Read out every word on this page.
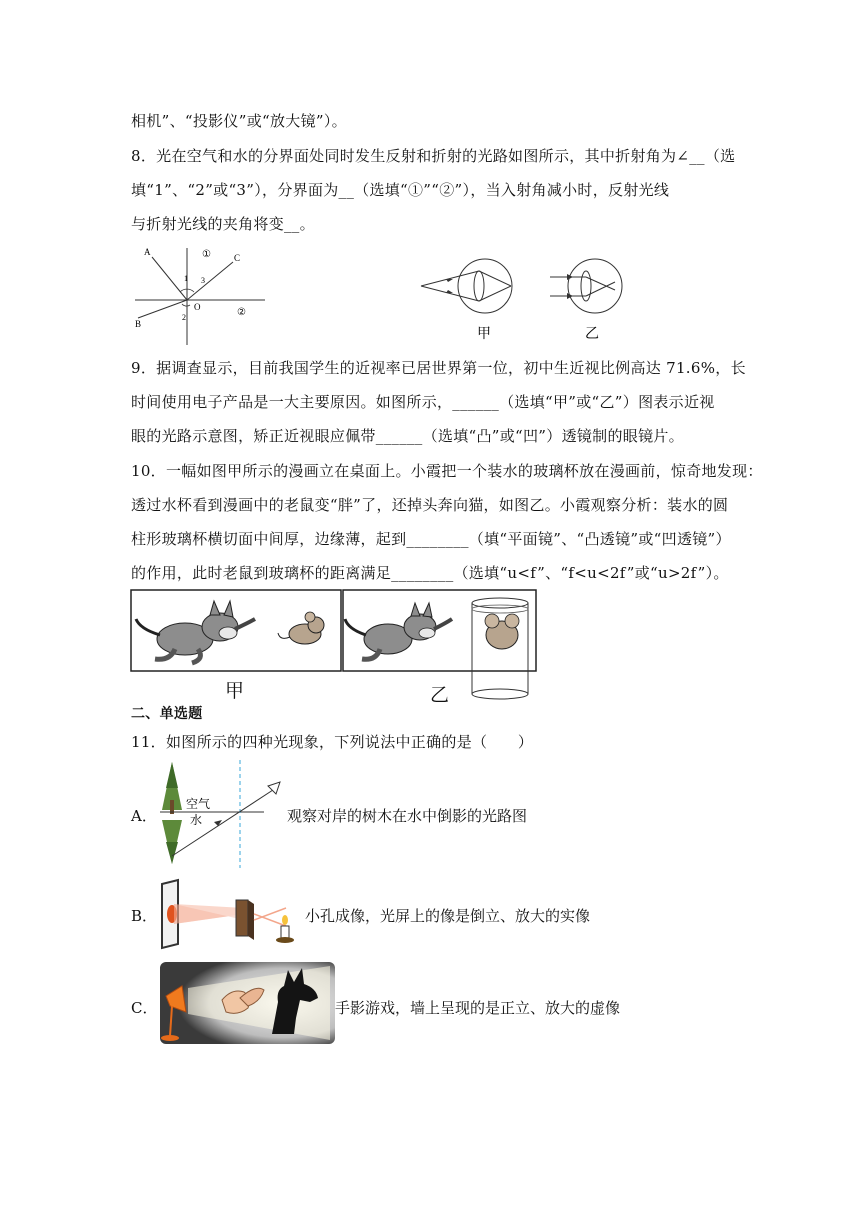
相机”、“投影仪”或“放大镜”）。
8．光在空气和水的分界面处同时发生反射和折射的光路如图所示，其中折射角为∠__（选
填“1”、“2”或“3”），分界面为__（选填“①”“②”），当入射角减小时，反射光线
与折射光线的夹角将变__。
A
B
C
O
1
2
3
①
②
甲	乙
9．据调查显示，目前我国学生的近视率已居世界第一位，初中生近视比例高达 71.6%，长
时间使用电子产品是一大主要原因。如图所示，______（选填“甲”或“乙”）图表示近视
眼的光路示意图，矫正近视眼应佩带______（选填“凸”或“凹”）透镜制的眼镜片。
10．一幅如图甲所示的漫画立在桌面上。小霞把一个装水的玻璃杯放在漫画前，惊奇地发现：
透过水杯看到漫画中的老鼠变“胖”了，还掉头奔向猫，如图乙。小霞观察分析：装水的圆
柱形玻璃杯横切面中间厚，边缘薄，起到________（填“平面镜”、“凸透镜”或“凹透镜”）
的作用，此时老鼠到玻璃杯的距离满足________（选填“u<f”、“f<u<2f”或“u>2f”）。
甲	乙
二、单选题
11．如图所示的四种光现象，下列说法中正确的是（　　）
A．
空气
水	观察对岸的树木在水中倒影的光路图
B．	小孔成像，光屏上的像是倒立、放大的实像
C．	手影游戏，墙上呈现的是正立、放大的虚像
